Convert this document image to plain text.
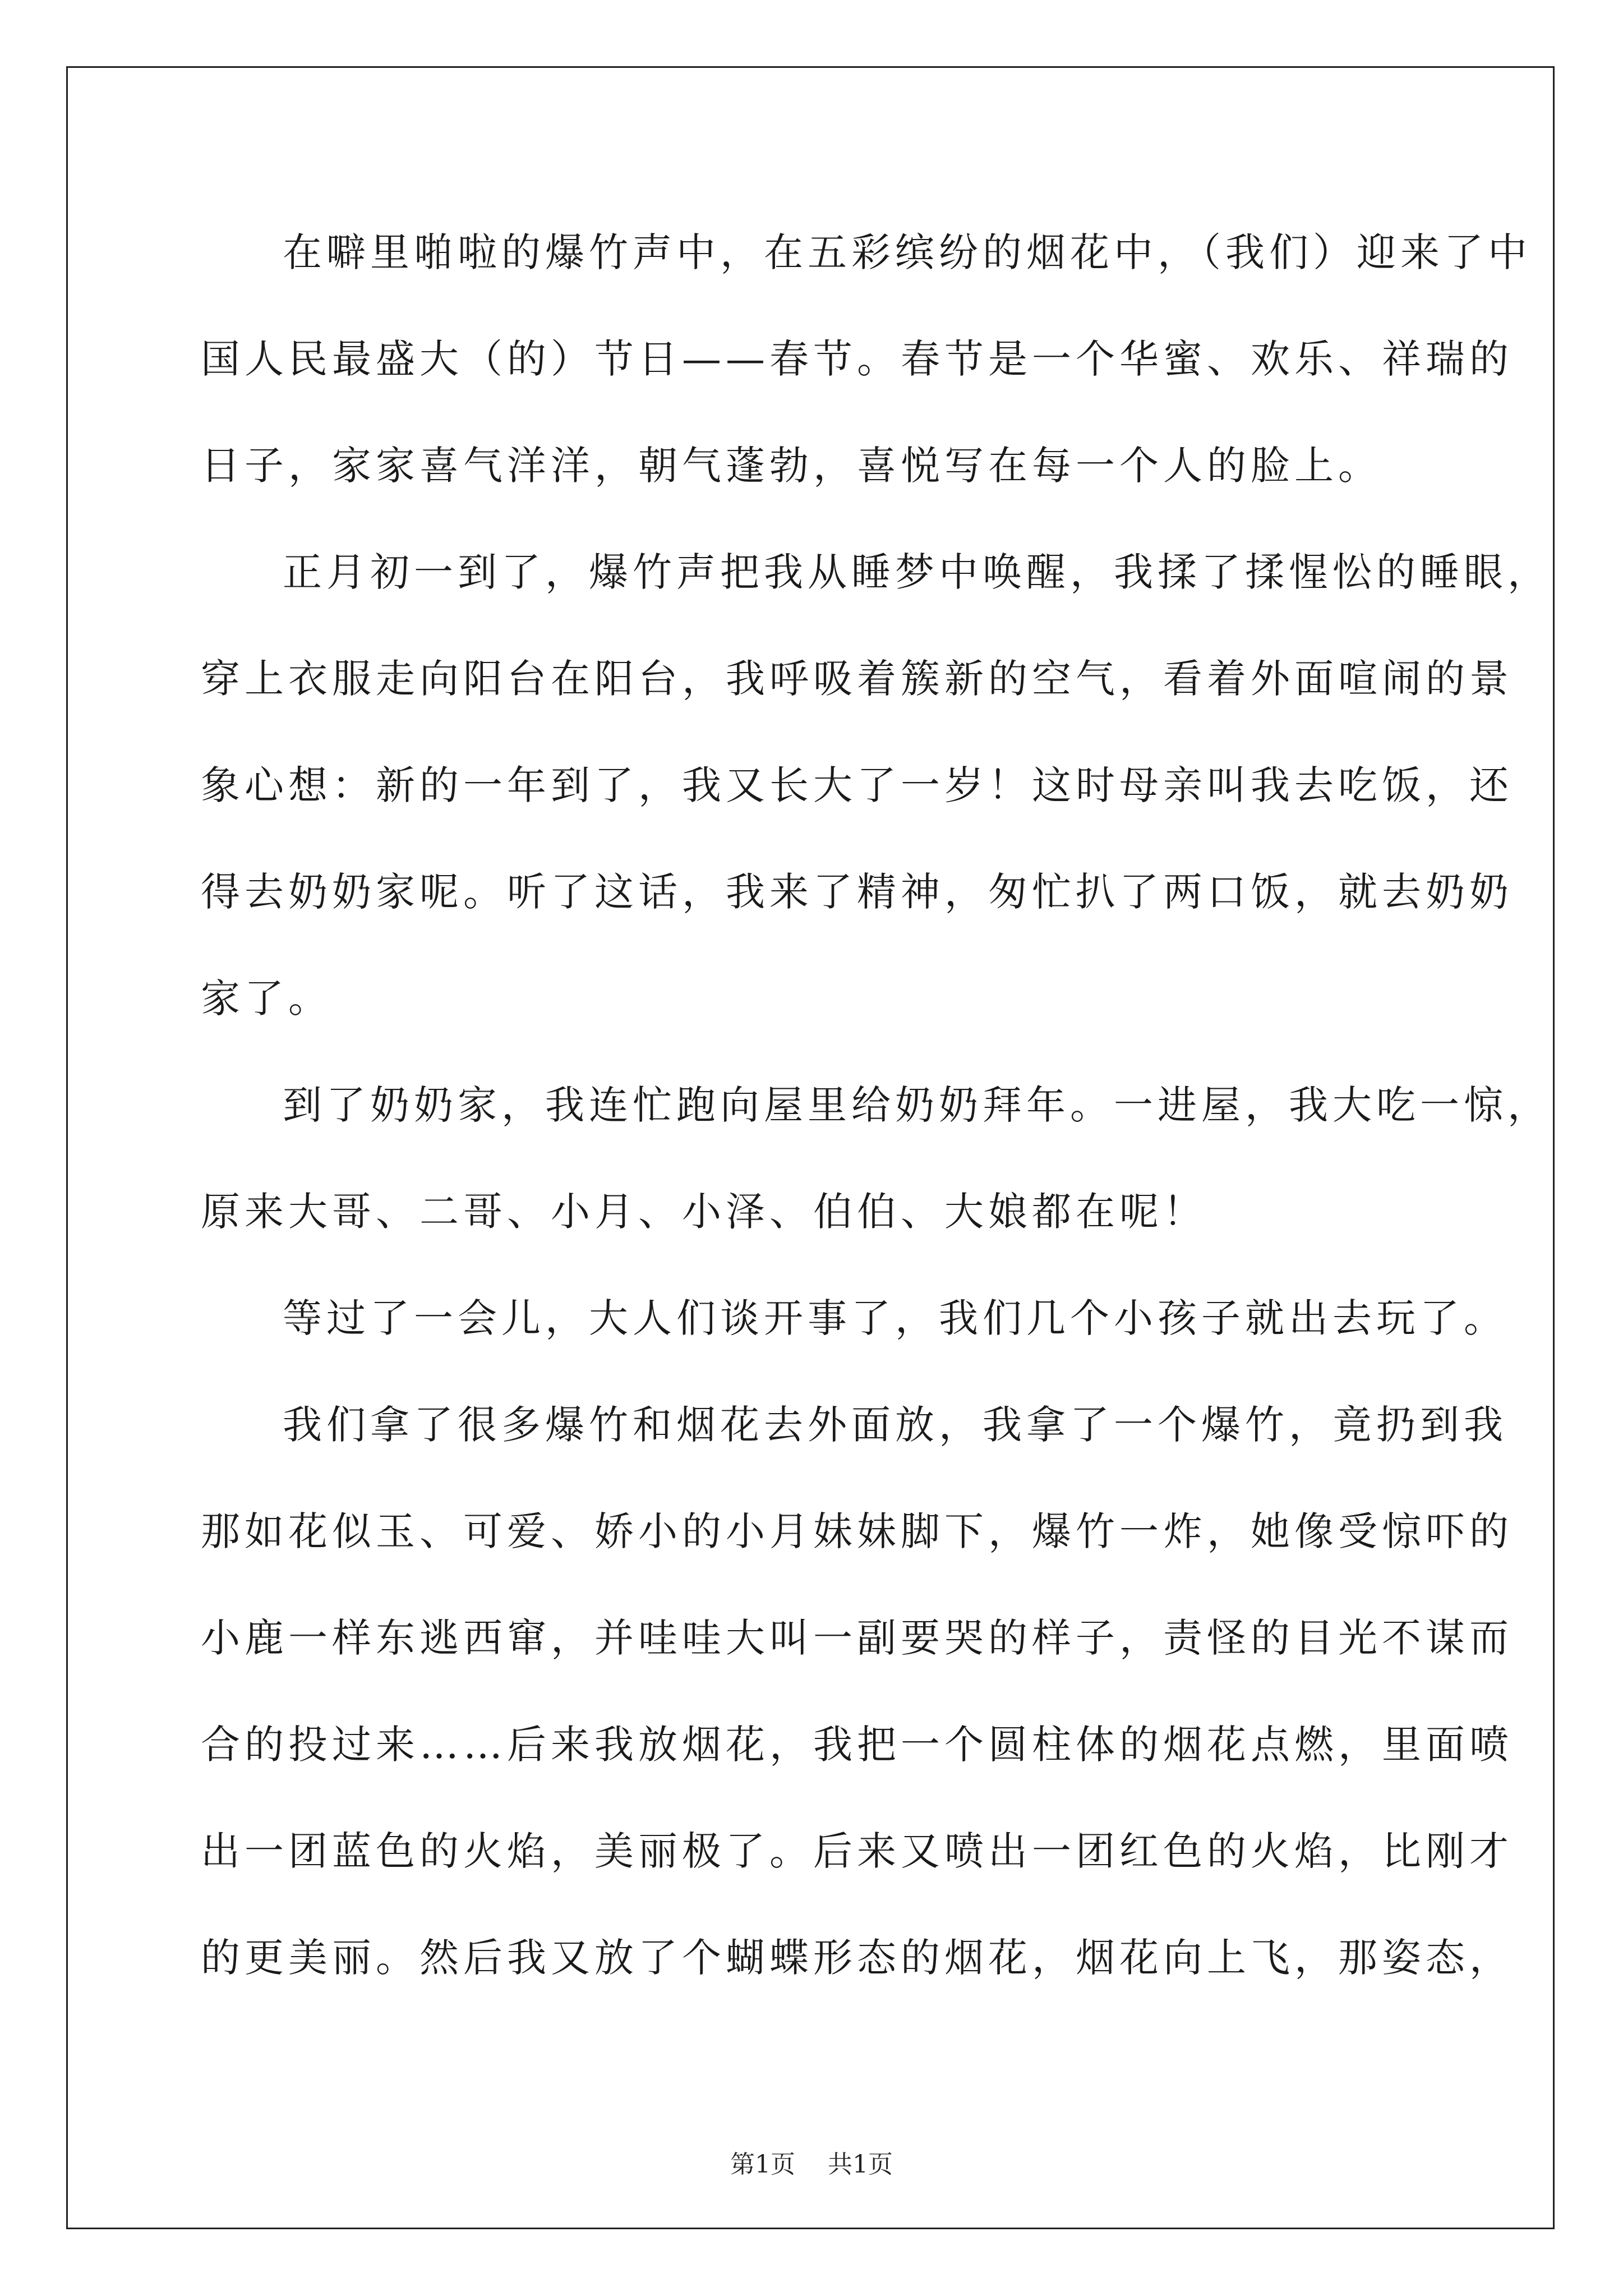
在噼里啪啦的爆竹声中，在五彩缤纷的烟花中，（我们）迎来了中
国人民最盛大（的）节日——春节。春节是一个华蜜、欢乐、祥瑞的
日子，家家喜气洋洋，朝气蓬勃，喜悦写在每一个人的脸上。
正月初一到了，爆竹声把我从睡梦中唤醒，我揉了揉惺忪的睡眼，
穿上衣服走向阳台在阳台，我呼吸着簇新的空气，看着外面喧闹的景
象心想：新的一年到了，我又长大了一岁！这时母亲叫我去吃饭，还
得去奶奶家呢。听了这话，我来了精神，匆忙扒了两口饭，就去奶奶
家了。
到了奶奶家，我连忙跑向屋里给奶奶拜年。一进屋，我大吃一惊，
原来大哥、二哥、小月、小泽、伯伯、大娘都在呢！
等过了一会儿，大人们谈开事了，我们几个小孩子就出去玩了。
我们拿了很多爆竹和烟花去外面放，我拿了一个爆竹，竟扔到我
那如花似玉、可爱、娇小的小月妹妹脚下，爆竹一炸，她像受惊吓的
小鹿一样东逃西窜，并哇哇大叫一副要哭的样子，责怪的目光不谋而
合的投过来……后来我放烟花，我把一个圆柱体的烟花点燃，里面喷
出一团蓝色的火焰，美丽极了。后来又喷出一团红色的火焰，比刚才
的更美丽。然后我又放了个蝴蝶形态的烟花，烟花向上飞，那姿态，
第1页 共1页
